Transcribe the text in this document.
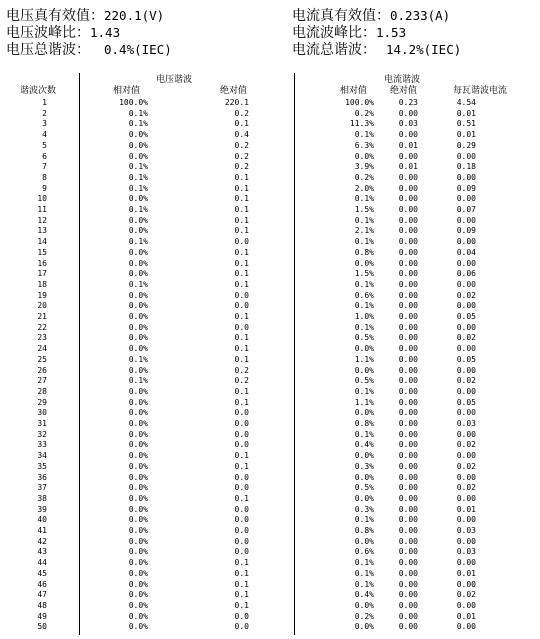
电压真有效值：220.1(V)
电压波峰比：1.43
电压总谐波： 0.4%(IEC)
电流真有效值：0.233(A)
电流波峰比：1.53
电流总谐波： 14.2%(IEC)
电压谐波	电流谐波
谐波次数	相对值	绝对值	相对值	绝对值	每瓦谐波电流
1	100.0%	220.1	100.0%	0.23	4.54
2	0.1%	0.2	0.2%	0.00	0.01
3	0.1%	0.1	11.3%	0.03	0.51
4	0.0%	0.4	0.1%	0.00	0.01
5	0.0%	0.2	6.3%	0.01	0.29
6	0.0%	0.2	0.0%	0.00	0.00
7	0.1%	0.2	3.9%	0.01	0.18
8	0.1%	0.1	0.2%	0.00	0.00
9	0.1%	0.1	2.0%	0.00	0.09
10	0.0%	0.1	0.1%	0.00	0.00
11	0.1%	0.1	1.5%	0.00	0.07
12	0.0%	0.1	0.1%	0.00	0.00
13	0.0%	0.1	2.1%	0.00	0.09
14	0.1%	0.0	0.1%	0.00	0.00
15	0.0%	0.1	0.8%	0.00	0.04
16	0.0%	0.1	0.0%	0.00	0.00
17	0.0%	0.1	1.5%	0.00	0.06
18	0.1%	0.1	0.1%	0.00	0.00
19	0.0%	0.0	0.6%	0.00	0.02
20	0.0%	0.0	0.1%	0.00	0.00
21	0.0%	0.1	1.0%	0.00	0.05
22	0.0%	0.0	0.1%	0.00	0.00
23	0.0%	0.1	0.5%	0.00	0.02
24	0.0%	0.1	0.0%	0.00	0.00
25	0.1%	0.1	1.1%	0.00	0.05
26	0.0%	0.2	0.0%	0.00	0.00
27	0.1%	0.2	0.5%	0.00	0.02
28	0.0%	0.1	0.1%	0.00	0.00
29	0.0%	0.1	1.1%	0.00	0.05
30	0.0%	0.0	0.0%	0.00	0.00
31	0.0%	0.0	0.8%	0.00	0.03
32	0.0%	0.0	0.1%	0.00	0.00
33	0.0%	0.0	0.4%	0.00	0.02
34	0.0%	0.1	0.0%	0.00	0.00
35	0.0%	0.1	0.3%	0.00	0.02
36	0.0%	0.0	0.0%	0.00	0.00
37	0.0%	0.0	0.5%	0.00	0.02
38	0.0%	0.1	0.0%	0.00	0.00
39	0.0%	0.0	0.3%	0.00	0.01
40	0.0%	0.0	0.1%	0.00	0.00
41	0.0%	0.0	0.8%	0.00	0.03
42	0.0%	0.0	0.0%	0.00	0.00
43	0.0%	0.0	0.6%	0.00	0.03
44	0.0%	0.1	0.1%	0.00	0.00
45	0.0%	0.1	0.1%	0.00	0.01
46	0.0%	0.1	0.1%	0.00	0.00
47	0.0%	0.1	0.4%	0.00	0.02
48	0.0%	0.1	0.0%	0.00	0.00
49	0.0%	0.0	0.2%	0.00	0.01
50	0.0%	0.0	0.0%	0.00	0.00
